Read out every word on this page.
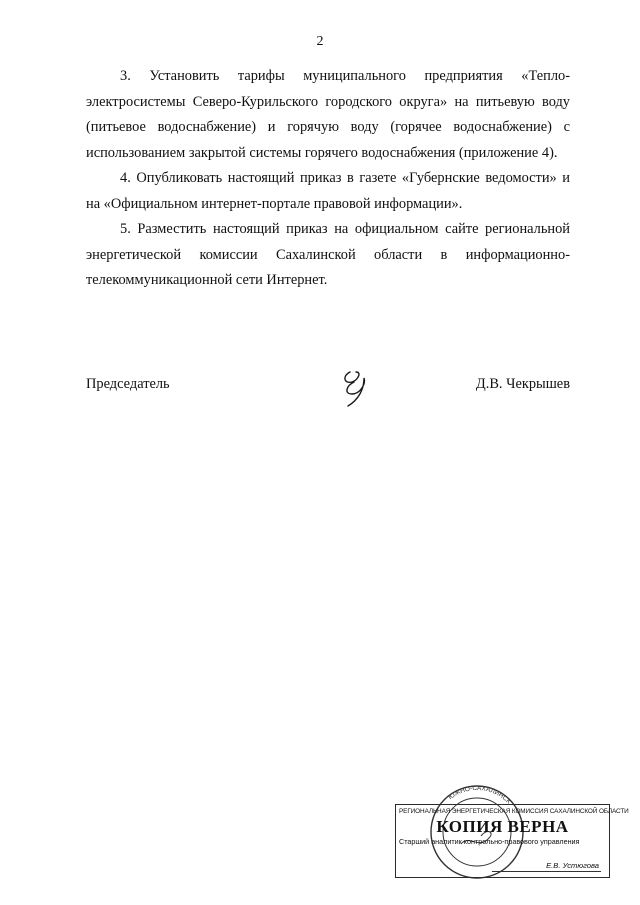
2

3. Установить тарифы муниципального предприятия «Тепло-электросистемы Северо-Курильского городского округа» на питьевую воду (питьевое водоснабжение) и горячую воду (горячее водоснабжение) с использованием закрытой системы горячего водоснабжения (приложение 4).

4. Опубликовать настоящий приказ в газете «Губернские ведомости» и на «Официальном интернет-портале правовой информации».

5. Разместить настоящий приказ на официальном сайте региональной энергетической комиссии Сахалинской области в информационно-телекоммуникационной сети Интернет.

Председатель	Д.В. Чекрышев
ЮЖНО-САХАЛИНСК
РЕГИОНАЛЬНАЯ ЭНЕРГЕТИЧЕСКАЯ КОМИССИЯ САХАЛИНСКОЙ ОБЛАСТИ
КОПИЯ ВЕРНА
Старший аналитик контрольно-правового управления
Е.В. Устюгова
